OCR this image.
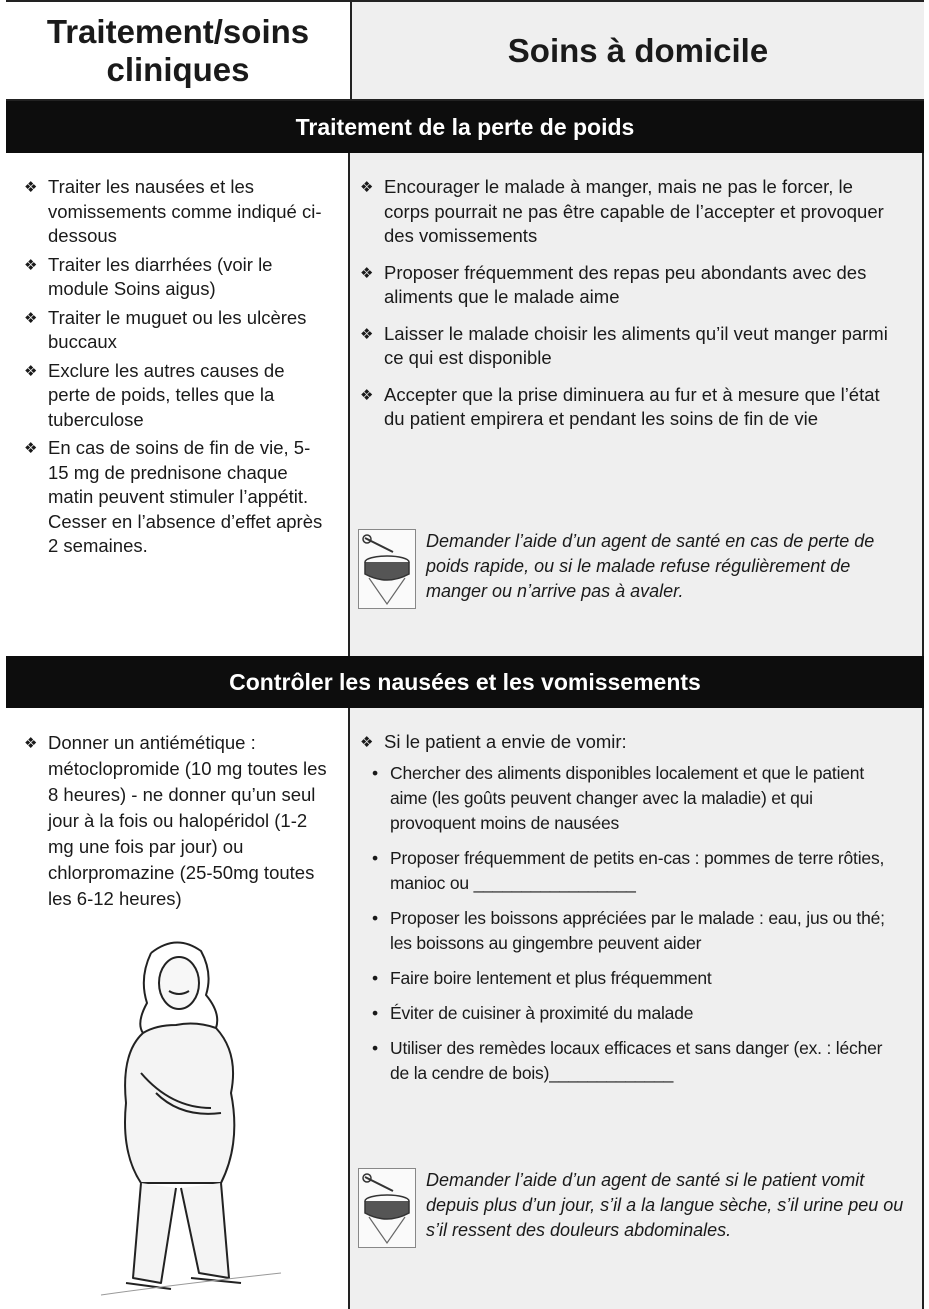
Traitement/soins cliniques
Soins à domicile
Traitement de la perte de poids
❖ Traiter les nausées et les vomissements comme indiqué ci-dessous
❖ Traiter les diarrhées (voir le module Soins aigus)
❖ Traiter le muguet ou les ulcères buccaux
❖ Exclure les autres causes de perte de poids, telles que la tuberculose
❖ En cas de soins de fin de vie, 5-15 mg de prednisone chaque matin peuvent stimuler l’appétit. Cesser en l’absence d’effet après 2 semaines.
❖ Encourager le malade à manger, mais ne pas le forcer, le corps pourrait ne pas être capable de l’accepter et provoquer des vomissements
❖ Proposer fréquemment des repas peu abondants avec des aliments que le malade aime
❖ Laisser le malade choisir les aliments qu’il veut manger parmi ce qui est disponible
❖ Accepter que la prise diminuera au fur et à mesure que l’état du patient empirera et pendant les soins de fin de vie

Demander l’aide d’un agent de santé en cas de perte de poids rapide, ou si le malade refuse régulièrement de manger ou n’arrive pas à avaler.

Contrôler les nausées et les vomissements
❖ Donner un antiémétique : métoclopromide (10 mg toutes les 8 heures) - ne donner qu’un seul jour à la fois ou halopéridol (1-2 mg une fois par jour) ou chlorpromazine (25-50mg toutes les 6-12 heures)
❖ Si le patient a envie de vomir:
• Chercher des aliments disponibles localement et que le patient aime (les goûts peuvent changer avec la maladie) et qui provoquent moins de nausées
• Proposer fréquemment de petits en-cas : pommes de terre rôties, manioc ou _________________
• Proposer les boissons appréciées par le malade : eau, jus ou thé; les boissons au gingembre peuvent aider
• Faire boire lentement et plus fréquemment
• Éviter de cuisiner à proximité du malade
• Utiliser des remèdes locaux efficaces et sans danger (ex. : lécher de la cendre de bois)_____________

Demander l’aide d’un agent de santé si le patient vomit depuis plus d’un jour, s’il a la langue sèche, s’il urine peu ou s’il ressent des douleurs abdominales.
